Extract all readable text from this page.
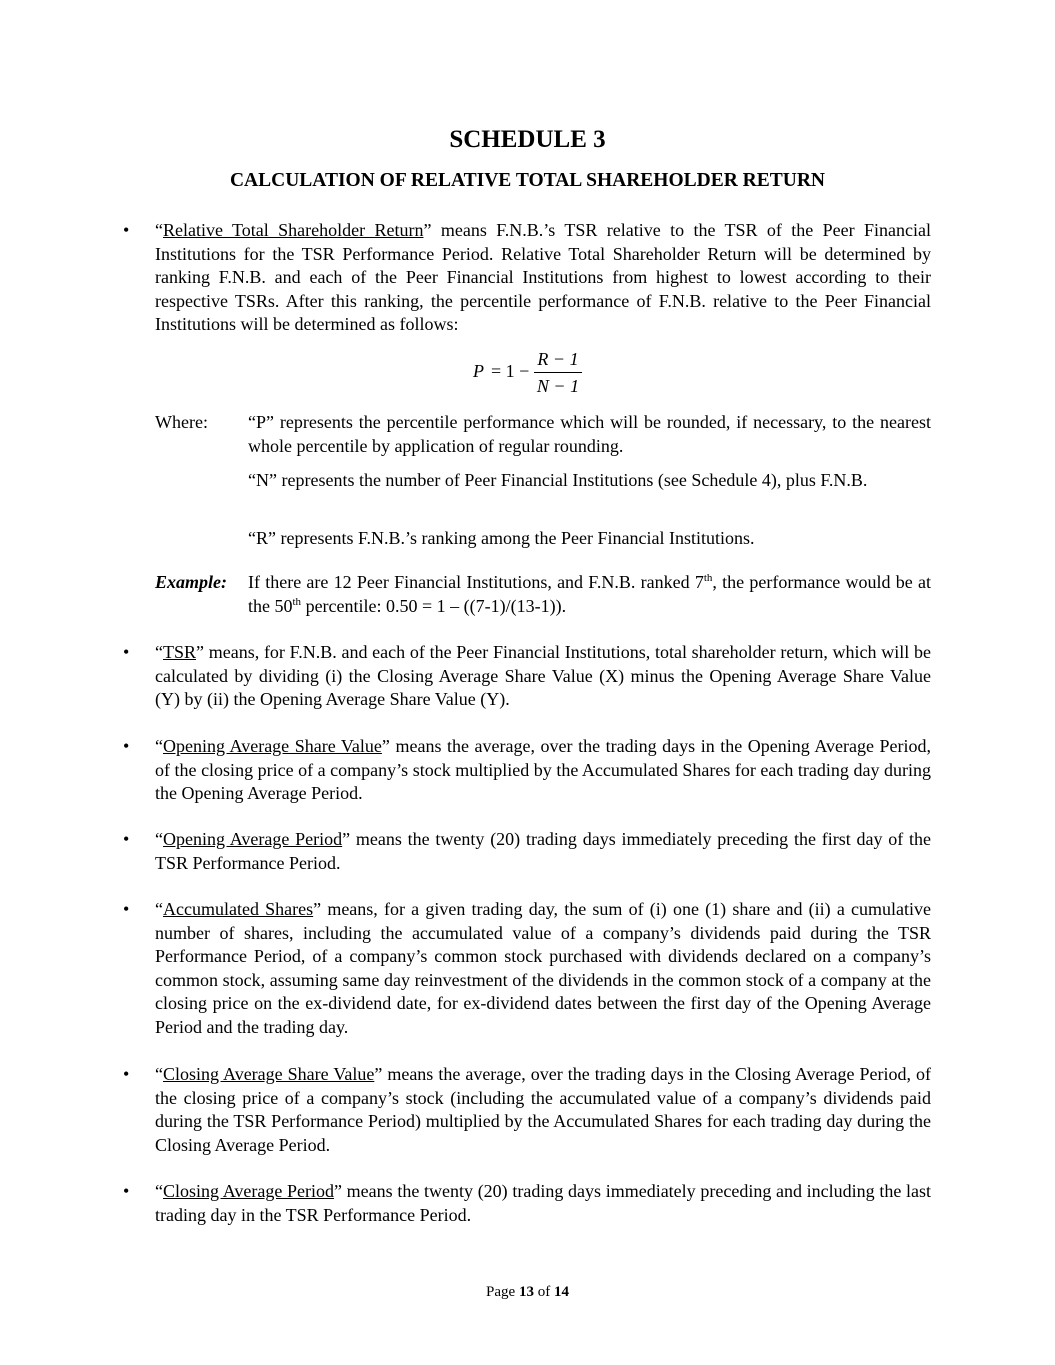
SCHEDULE 3
CALCULATION OF RELATIVE TOTAL SHAREHOLDER RETURN
• “Relative Total Shareholder Return” means F.N.B.’s TSR relative to the TSR of the Peer Financial Institutions for the TSR Performance Period. Relative Total Shareholder Return will be determined by ranking F.N.B. and each of the Peer Financial Institutions from highest to lowest according to their respective TSRs. After this ranking, the percentile performance of F.N.B. relative to the Peer Financial Institutions will be determined as follows:
P = 1 −
R − 1
N − 1
Where: “P” represents the percentile performance which will be rounded, if necessary, to the nearest whole percentile by application of regular rounding.
“N” represents the number of Peer Financial Institutions (see Schedule 4), plus F.N.B.
“R” represents F.N.B.’s ranking among the Peer Financial Institutions.
Example: If there are 12 Peer Financial Institutions, and F.N.B. ranked 7th, the performance would be at the 50th percentile: 0.50 = 1 – ((7-1)/(13-1)).
• “TSR” means, for F.N.B. and each of the Peer Financial Institutions, total shareholder return, which will be calculated by dividing (i) the Closing Average Share Value (X) minus the Opening Average Share Value (Y) by (ii) the Opening Average Share Value (Y).
• “Opening Average Share Value” means the average, over the trading days in the Opening Average Period, of the closing price of a company’s stock multiplied by the Accumulated Shares for each trading day during the Opening Average Period.
• “Opening Average Period” means the twenty (20) trading days immediately preceding the first day of the TSR Performance Period.
• “Accumulated Shares” means, for a given trading day, the sum of (i) one (1) share and (ii) a cumulative number of shares, including the accumulated value of a company’s dividends paid during the TSR Performance Period, of a company’s common stock purchased with dividends declared on a company’s common stock, assuming same day reinvestment of the dividends in the common stock of a company at the closing price on the ex-dividend date, for ex-dividend dates between the first day of the Opening Average Period and the trading day.
• “Closing Average Share Value” means the average, over the trading days in the Closing Average Period, of the closing price of a company’s stock (including the accumulated value of a company’s dividends paid during the TSR Performance Period) multiplied by the Accumulated Shares for each trading day during the Closing Average Period.
• “Closing Average Period” means the twenty (20) trading days immediately preceding and including the last trading day in the TSR Performance Period.
Page 13 of 14
